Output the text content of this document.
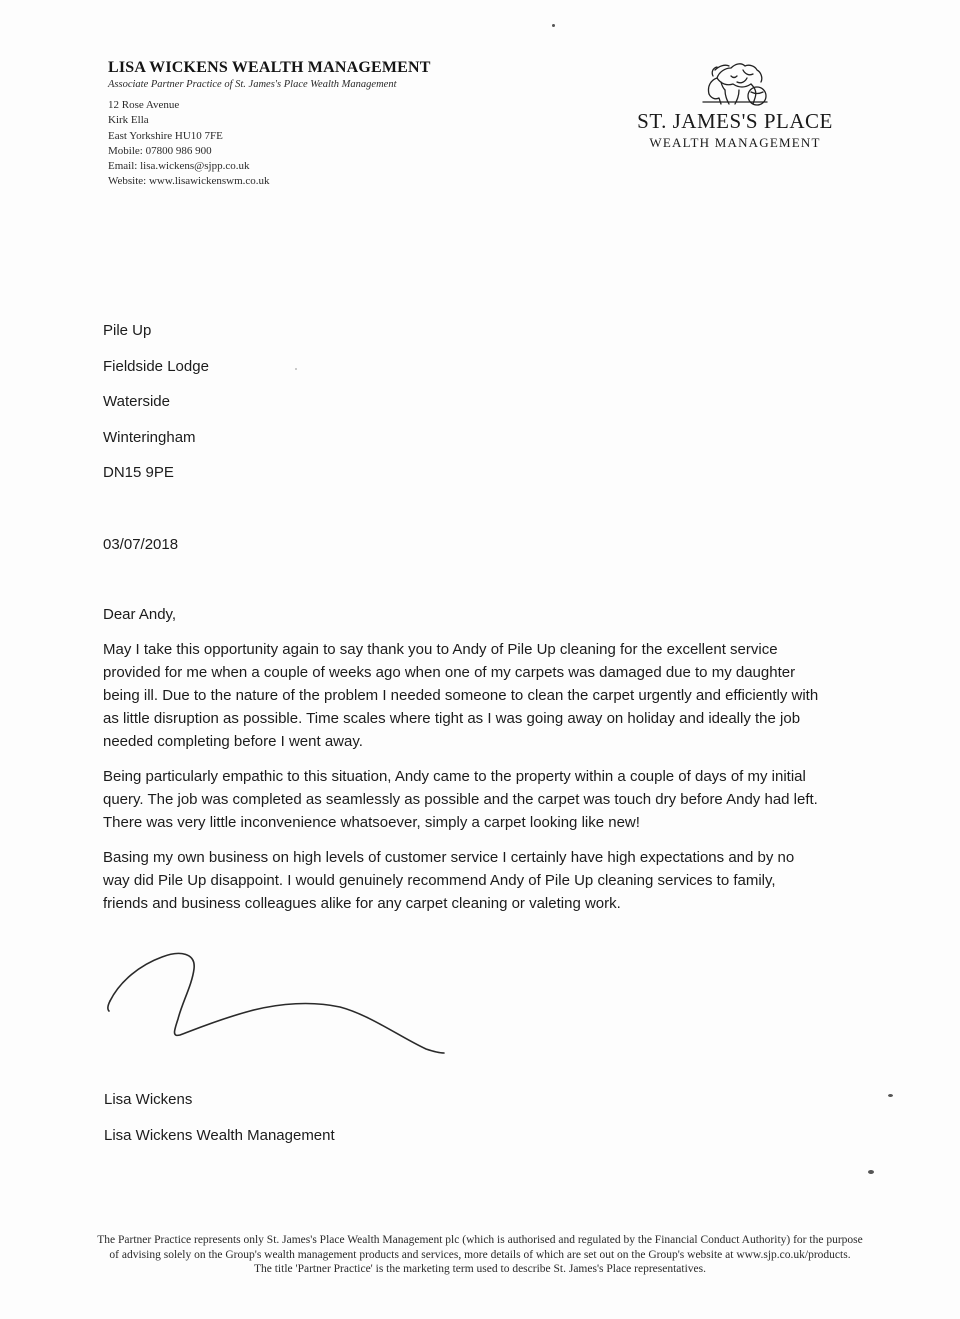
LISA WICKENS WEALTH MANAGEMENT

Associate Partner Practice of St. James's Place Wealth Management

12 Rose Avenue
Kirk Ella
East Yorkshire HU10 7FE
Mobile: 07800 986 900
Email: lisa.wickens@sjpp.co.uk
Website: www.lisawickenswm.co.uk
ST. JAMES'S PLACE
WEALTH MANAGEMENT
Pile Up
Fieldside Lodge
Waterside
Winteringham
DN15 9PE
03/07/2018

Dear Andy,

May I take this opportunity again to say thank you to Andy of Pile Up cleaning for the excellent service provided for me when a couple of weeks ago when one of my carpets was damaged due to my daughter being ill. Due to the nature of the problem I needed someone to clean the carpet urgently and efficiently with as little disruption as possible. Time scales where tight as I was going away on holiday and ideally the job needed completing before I went away.

Being particularly empathic to this situation, Andy came to the property within a couple of days of my initial query. The job was completed as seamlessly as possible and the carpet was touch dry before Andy had left. There was very little inconvenience whatsoever, simply a carpet looking like new!

Basing my own business on high levels of customer service I certainly have high expectations and by no way did Pile Up disappoint. I would genuinely recommend Andy of Pile Up cleaning services to family, friends and business colleagues alike for any carpet cleaning or valeting work.

Lisa Wickens
Lisa Wickens Wealth Management
The Partner Practice represents only St. James's Place Wealth Management plc (which is authorised and regulated by the Financial Conduct Authority) for the purpose
of advising solely on the Group's wealth management products and services, more details of which are set out on the Group's website at www.sjp.co.uk/products.
The title 'Partner Practice' is the marketing term used to describe St. James's Place representatives.
